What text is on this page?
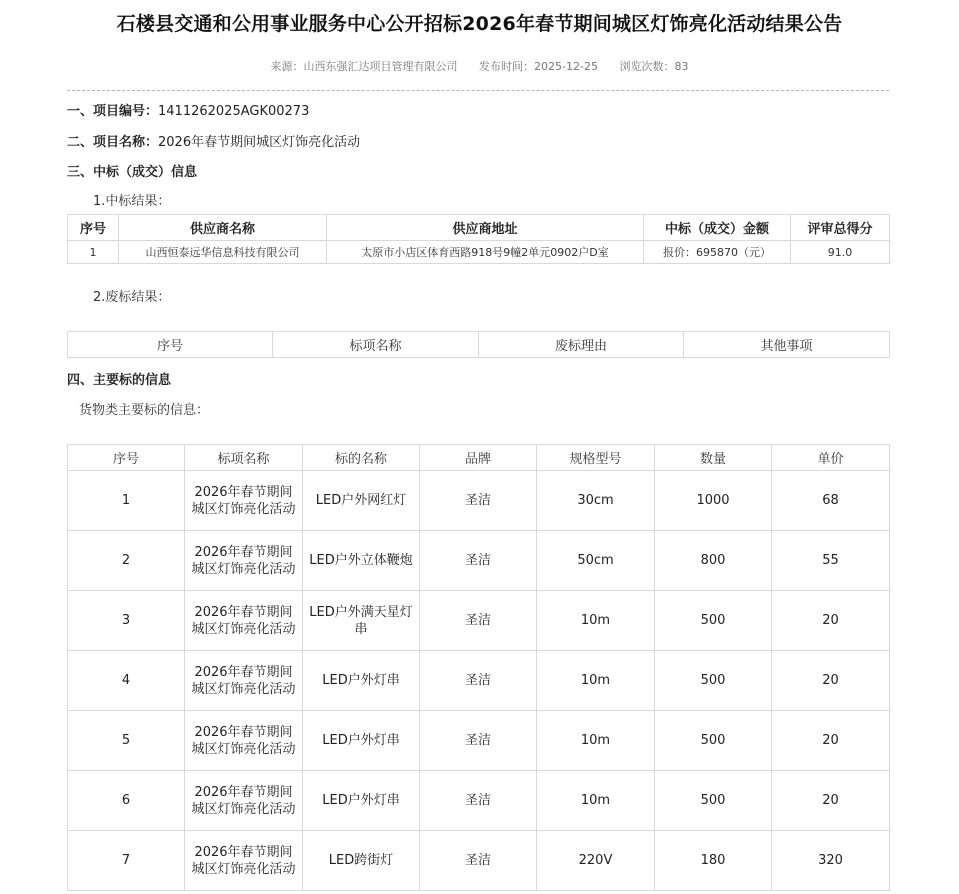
石楼县交通和公用事业服务中心公开招标2026年春节期间城区灯饰亮化活动结果公告
来源：山西东强汇达项目管理有限公司 发布时间：2025-12-25 浏览次数：83
一、项目编号：1411262025AGK00273
二、项目名称：2026年春节期间城区灯饰亮化活动
三、中标（成交）信息
1.中标结果：
序号	供应商名称	供应商地址	中标（成交）金额	评审总得分
1	山西恒泰远华信息科技有限公司	太原市小店区体育西路918号9幢2单元0902户D室	报价：695870（元）	91.0
2.废标结果：
序号	标项名称	废标理由	其他事项
四、主要标的信息
货物类主要标的信息：
序号	标项名称	标的名称	品牌	规格型号	数量	单价
1	2026年春节期间城区灯饰亮化活动	LED户外网红灯	圣洁	30cm	1000	68
2	2026年春节期间城区灯饰亮化活动	LED户外立体鞭炮	圣洁	50cm	800	55
3	2026年春节期间城区灯饰亮化活动	LED户外满天星灯串	圣洁	10m	500	20
4	2026年春节期间城区灯饰亮化活动	LED户外灯串	圣洁	10m	500	20
5	2026年春节期间城区灯饰亮化活动	LED户外灯串	圣洁	10m	500	20
6	2026年春节期间城区灯饰亮化活动	LED户外灯串	圣洁	10m	500	20
7	2026年春节期间城区灯饰亮化活动	LED跨街灯	圣洁	220V	180	320
